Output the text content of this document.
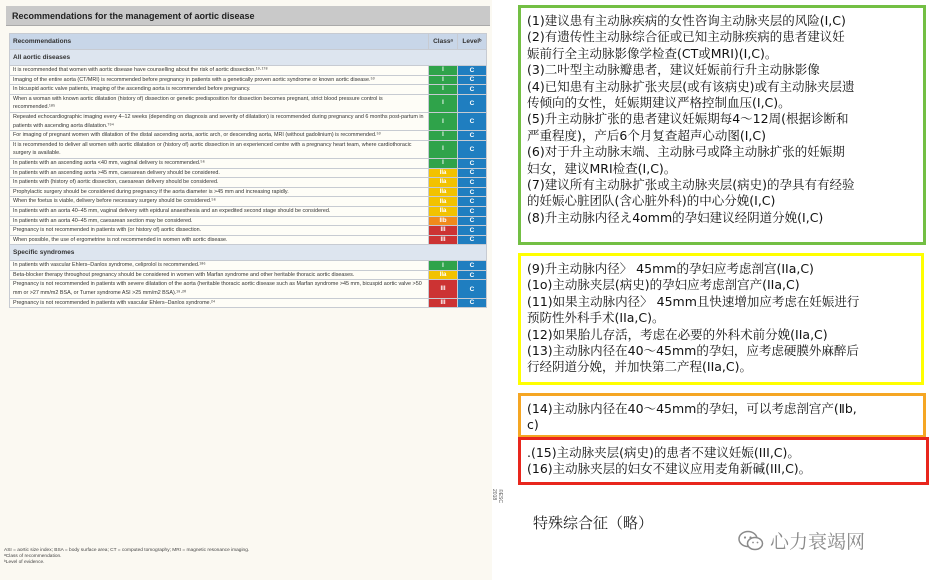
Recommendations for the management of aortic disease
Recommendations	Classᵃ	Levelᵇ
All aortic diseases		
It is recommended that women with aortic disease have counselling about the risk of aortic dissection.¹⁹·¹⁷⁸	I	C
Imaging of the entire aorta (CT/MRI) is recommended before pregnancy in patients with a genetically proven aortic syndrome or known aortic disease.⁵³	I	C
In bicuspid aortic valve patients, imaging of the ascending aorta is recommended before pregnancy.	I	C
When a woman with known aortic dilatation (history of) dissection or genetic predisposition for dissection becomes pregnant, strict blood pressure control is recommended.¹⁸⁵	I	C
Repeated echocardiographic imaging every 4–12 weeks (depending on diagnosis and severity of dilatation) is recommended during pregnancy and 6 months post-partum in patients with ascending aorta dilatation.⁷⁹⁴	I	C
For imaging of pregnant women with dilatation of the distal ascending aorta, aortic arch, or descending aorta, MRI (without gadolinium) is recommended.⁵³	I	C
It is recommended to deliver all women with aortic dilatation or (history of) aortic dissection in an experienced centre with a pregnancy heart team, where cardiothoracic surgery is available.	I	C
In patients with an ascending aorta <40 mm, vaginal delivery is recommended.⁵⁶	I	C
In patients with an ascending aorta >45 mm, caesarean delivery should be considered.	IIa	C
In patients with (history of) aortic dissection, caesarean delivery should be considered.	IIa	C
Prophylactic surgery should be considered during pregnancy if the aorta diameter is >45 mm and increasing rapidly.	IIa	C
When the foetus is viable, delivery before necessary surgery should be considered.⁵⁶	IIa	C
In patients with an aorta 40–45 mm, vaginal delivery with epidural anaesthesia and an expedited second stage should be considered.	IIa	C
In patients with an aorta 40–45 mm, caesarean section may be considered.	IIb	C
Pregnancy is not recommended in patients with (or history of) aortic dissection.	III	C
When possible, the use of ergometrine is not recommended in women with aortic disease.	III	C
Specific syndromes		
In patients with vascular Ehlers–Danlos syndrome, celiprolol is recommended.¹⁸⁶	I	C
Beta-blocker therapy throughout pregnancy should be considered in women with Marfan syndrome and other heritable thoracic aortic diseases.	IIa	C
Pregnancy is not recommended in patients with severe dilatation of the aorta (heritable thoracic aortic disease such as Marfan syndrome >45 mm, bicuspid aortic valve >50 mm or >27 mm/m2 BSA, or Turner syndrome ASI >25 mm/m2 BSA).¹⁹·²⁰	III	C
Pregnancy is not recommended in patients with vascular Ehlers–Danlos syndrome.²⁴	III	C
ASI = aortic size index; BSA = body surface area; CT = computed tomography; MRI = magnetic resonance imaging.
ᵃClass of recommendation.
ᵇLevel of evidence.
©ESC 2018
(1)建议患有主动脉疾病的女性咨询主动脉夹层的风险(I,C)
(2)有遗传性主动脉综合征或已知主动脉疾病的患者建议妊
娠前行全主动脉影像学检查(CT或MRI)(I,C)。
(3)二叶型主动脉瓣患者，建议妊娠前行升主动脉影像
(4)已知患有主动脉扩张夹层(或有该病史)或有主动脉夹层遗
传倾向的女性，妊娠期建议严格控制血压(I,C)。
(5)升主动脉扩张的患者建议妊娠期每4～12周(根据诊断和
严重程度)，产后6个月复查超声心动图(I,C)
(6)对于升主动脉末端、主动脉弓或降主动脉扩张的妊娠期
妇女，建议MRI检查(I,C)。
(7)建议所有主动脉扩张或主动脉夹层(病史)的孕具有有经验
的妊娠心脏团队(含心脏外科)的中心分娩(I,C)
(8)升主动脉内径え4omm的孕妇建议经阴道分娩(I,C)
(9)升主动脉内径〉 45mm的孕妇应考虑剖宫(IIa,C)
(1o)主动脉夹层(病史)的孕妇应考虑剖宫产(IIa,C)
(11)如果主动脉内径〉 45mm且快速增加应考虑在妊娠进行
预防性外科手术(IIa,C)。
(12)如果胎儿存活，考虑在必要的外科术前分娩(IIa,C)
(13)主动脉内径在40～45mm的孕妇，应考虑硬膜外麻醉后
行经阴道分娩，并加快第二产程(IIa,C)。
(14)主动脉内径在40～45mm的孕妇，可以考虑剖宫产(Ⅱb,
c)
.(15)主动脉夹层(病史)的患者不建议妊娠(III,C)。
(16)主动脉夹层的妇女不建议应用麦角新碱(III,C)。
特殊综合征（略）
心力衰竭网
